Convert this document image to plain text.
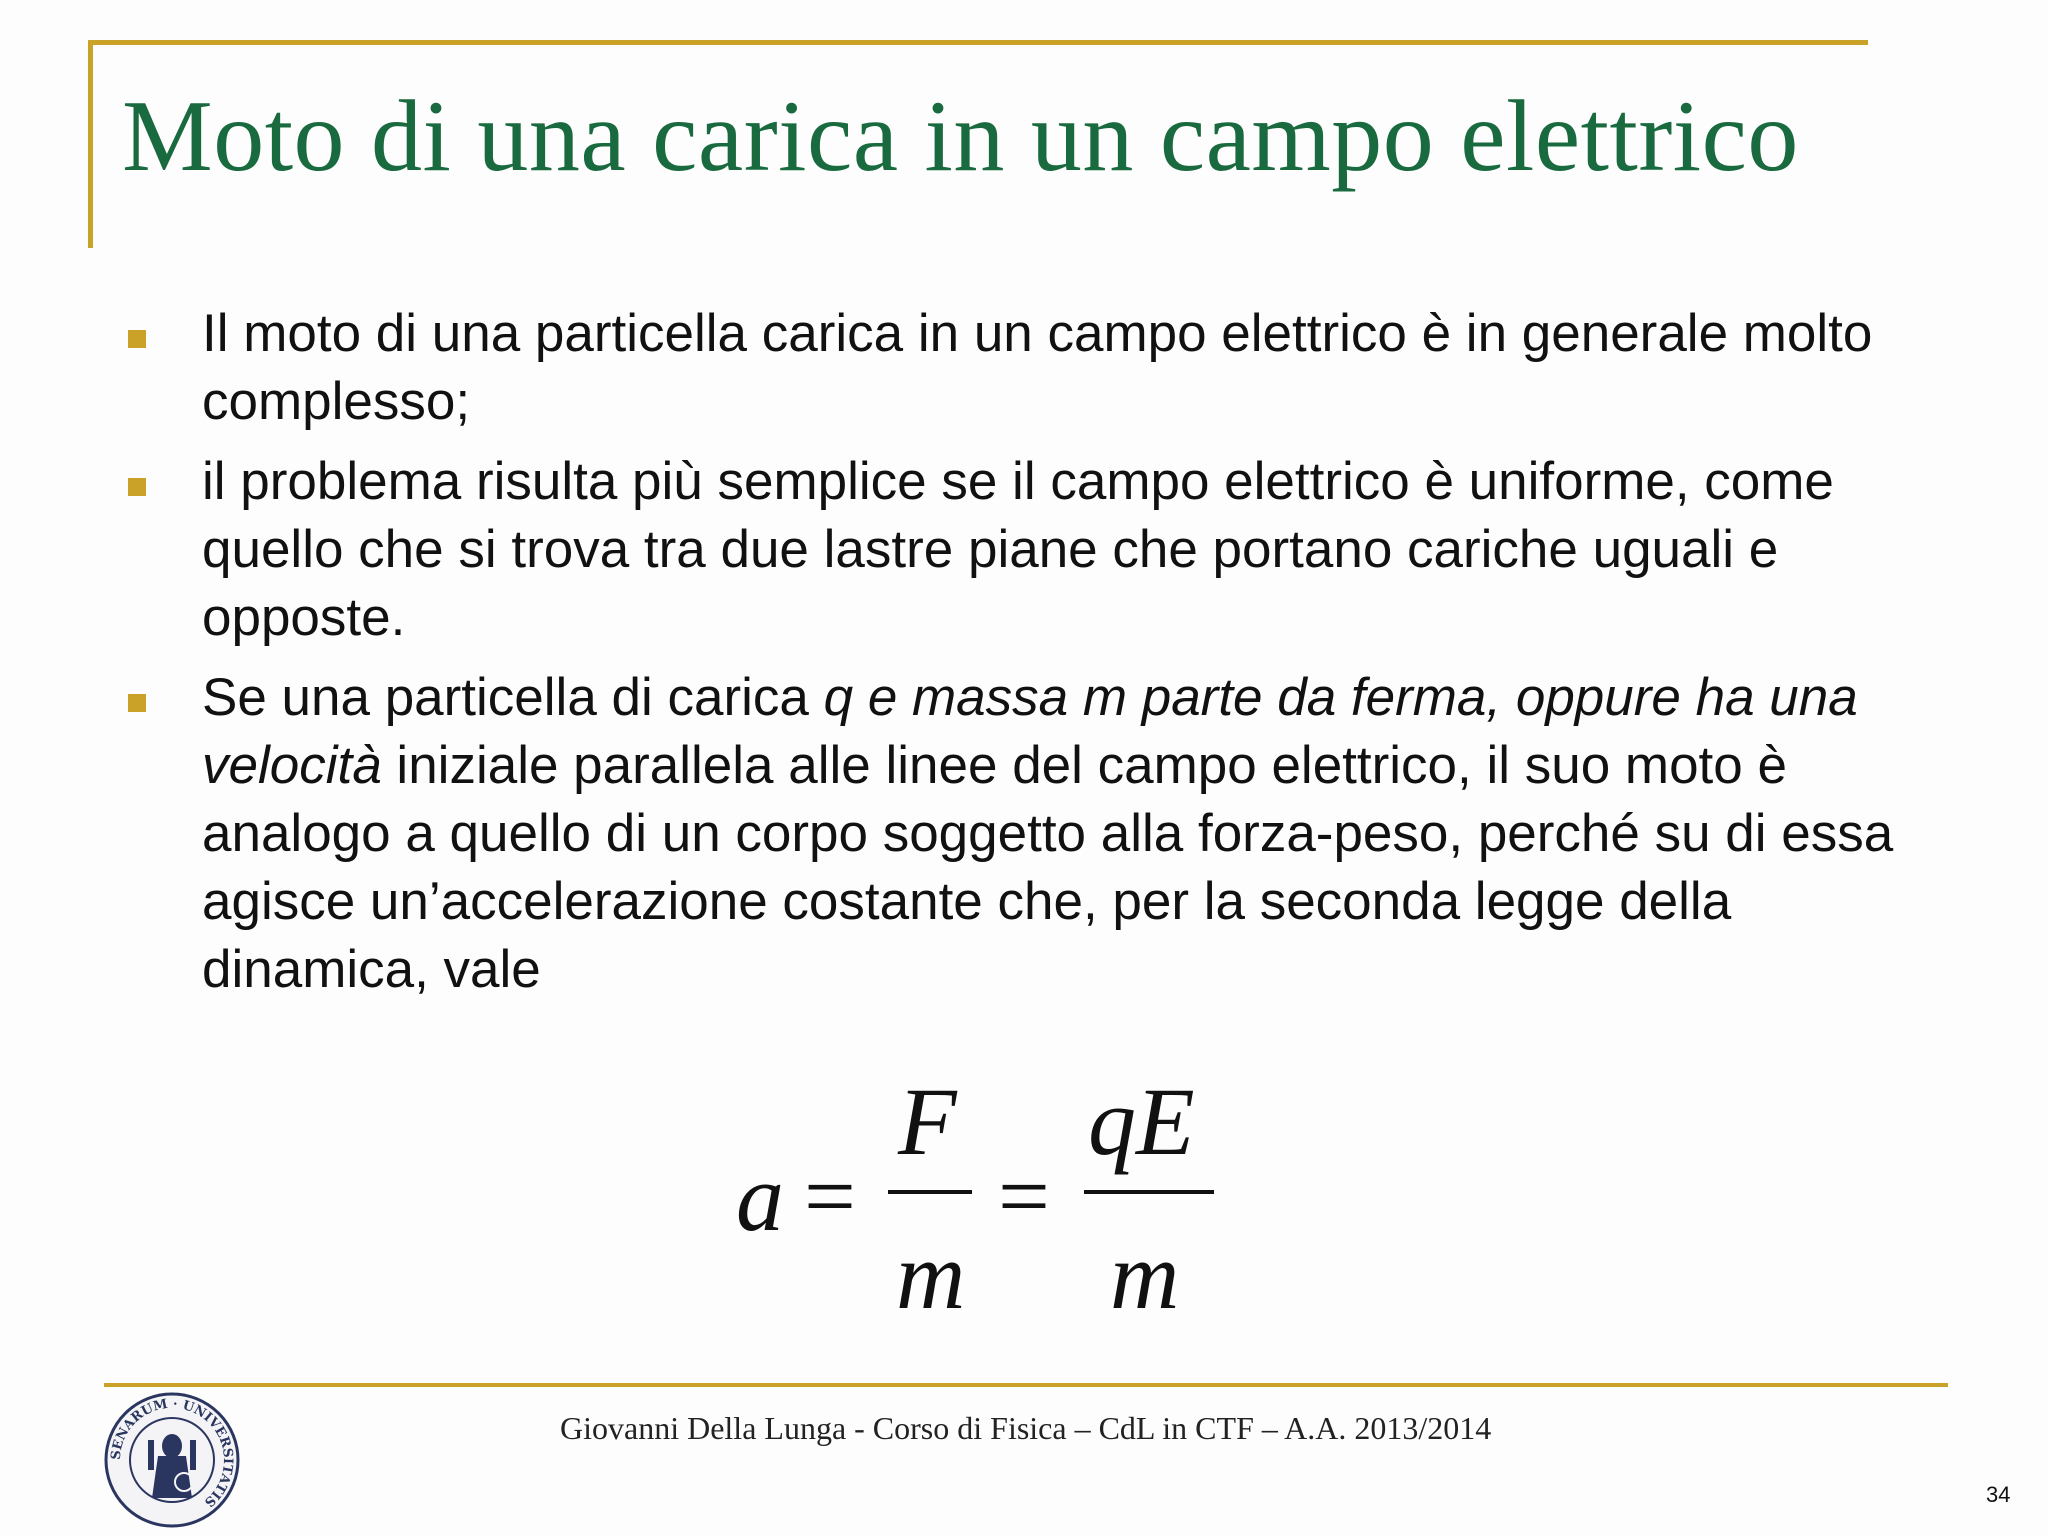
Moto di una carica in un campo elettrico

Il moto di una particella carica in un campo elettrico è in generale molto complesso;

il problema risulta più semplice se il campo elettrico è uniforme, come quello che si trova tra due lastre piane che portano cariche uguali e opposte.

Se una particella di carica q e massa m parte da ferma, oppure ha una velocità iniziale parallela alle linee del campo elettrico, il suo moto è analogo a quello di un corpo soggetto alla forza-peso, perché su di essa agisce un’accelerazione costante che, per la seconda legge della dinamica, vale

a =
F
m
=
qE
m
SENARUM · UNIVERSITATIS
Giovanni Della Lunga - Corso di Fisica – CdL in CTF – A.A. 2013/2014
34
